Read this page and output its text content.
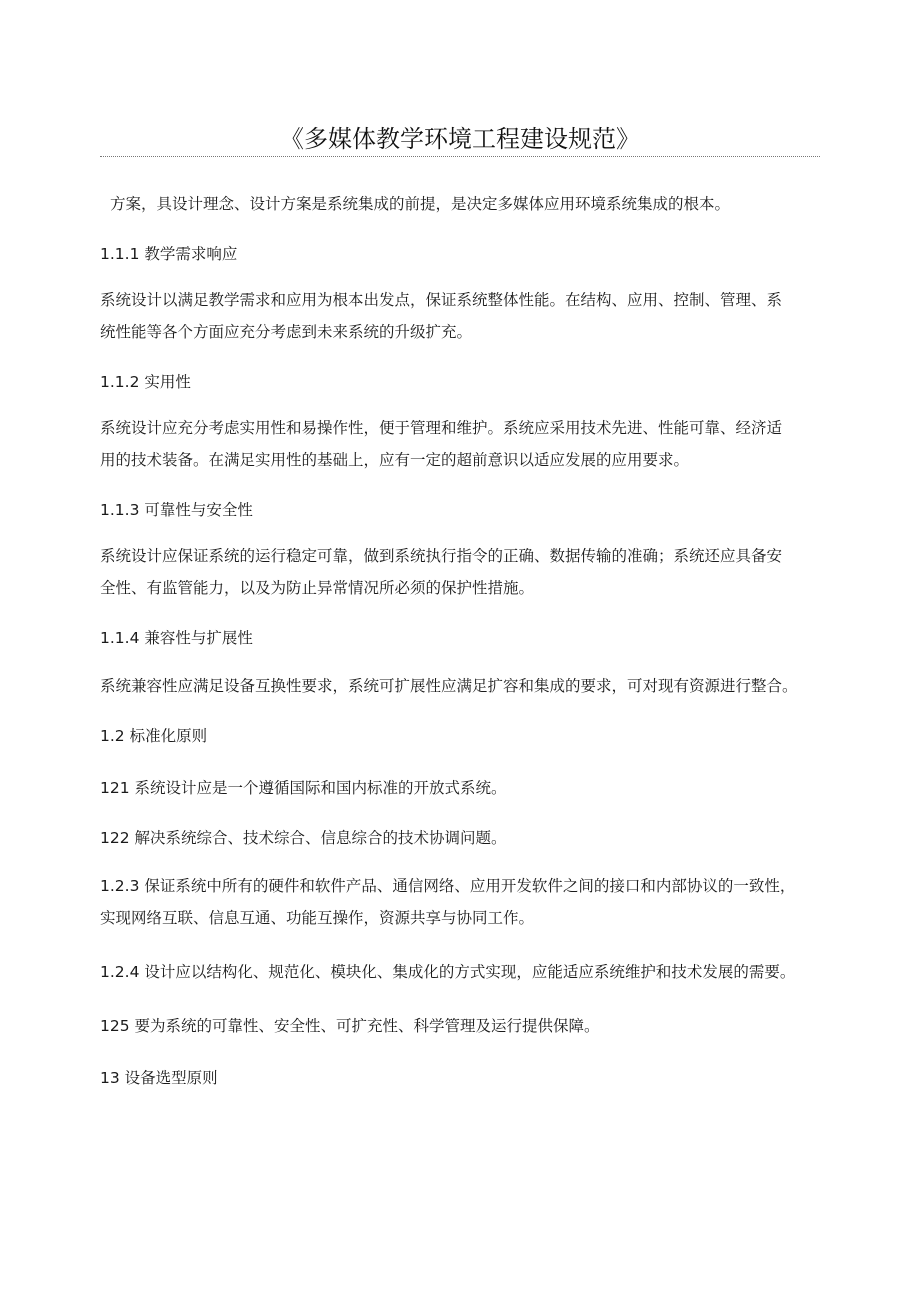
《多媒体教学环境工程建设规范》
方案，具设计理念、设计方案是系统集成的前提，是决定多媒体应用环境系统集成的根本。
1.1.1 教学需求响应
系统设计以满足教学需求和应用为根本出发点，保证系统整体性能。在结构、应用、控制、管理、系
统性能等各个方面应充分考虑到未来系统的升级扩充。
1.1.2 实用性
系统设计应充分考虑实用性和易操作性，便于管理和维护。系统应采用技术先进、性能可靠、经济适
用的技术装备。在满足实用性的基础上，应有一定的超前意识以适应发展的应用要求。
1.1.3 可靠性与安全性
系统设计应保证系统的运行稳定可靠，做到系统执行指令的正确、数据传输的准确；系统还应具备安
全性、有监管能力，以及为防止异常情况所必须的保护性措施。
1.1.4 兼容性与扩展性
系统兼容性应满足设备互换性要求，系统可扩展性应满足扩容和集成的要求，可对现有资源进行整合。
1.2 标准化原则
121 系统设计应是一个遵循国际和国内标准的开放式系统。
122 解决系统综合、技术综合、信息综合的技术协调问题。
1.2.3 保证系统中所有的硬件和软件产品、通信网络、应用开发软件之间的接口和内部协议的一致性，
实现网络互联、信息互通、功能互操作，资源共享与协同工作。
1.2.4 设计应以结构化、规范化、模块化、集成化的方式实现，应能适应系统维护和技术发展的需要。
125 要为系统的可靠性、安全性、可扩充性、科学管理及运行提供保障。
13 设备选型原则
